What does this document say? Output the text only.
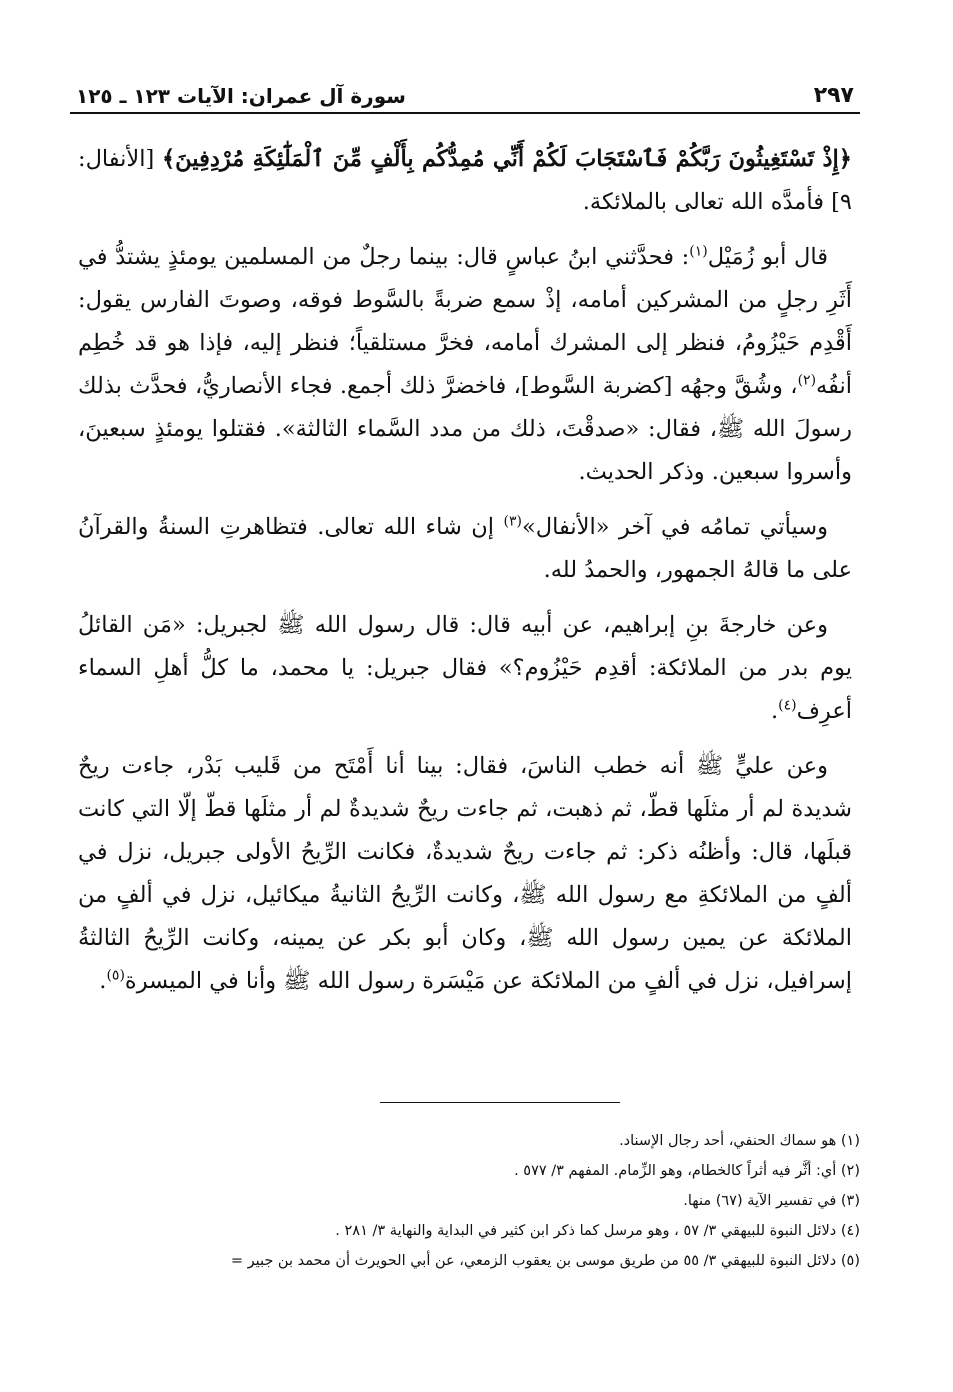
سورة آل عمران: الآيات ١٢٣ ـ ١٢٥	٢٩٧

﴿إِذْ تَسْتَغِيثُونَ رَبَّكُمْ فَٱسْتَجَابَ لَكُمْ أَنِّي مُمِدُّكُم بِأَلْفٍ مِّنَ ٱلْمَلَٰٓئِكَةِ مُرْدِفِينَ﴾ [الأنفال: ٩] فأمدَّه الله تعالى بالملائكة.

قال أبو زُمَيْل$^{(١)}$: فحدَّثني ابنُ عباسٍ قال: بينما رجلٌ من المسلمين يومئذٍ يشتدُّ في أَثَرِ رجلٍ من المشركين أمامه، إذْ سمع ضربةً بالسَّوط فوقه، وصوتَ الفارس يقول: أَقْدِم حَيْزُومُ، فنظر إلى المشرك أمامه، فخرَّ مستلقياً؛ فنظر إليه، فإذا هو قد خُطِم أنفُه$^{(٢)}$، وشُقَّ وجهُه [كضربة السَّوط]، فاخضرَّ ذلك أجمع. فجاء الأنصاريُّ، فحدَّث بذلك رسولَ الله ﷺ، فقال: «صدقْتَ، ذلك من مدد السَّماء الثالثة». فقتلوا يومئذٍ سبعينَ، وأسروا سبعين. وذكر الحديث.

وسيأتي تمامُه في آخر «الأنفال»$^{(٣)}$ إن شاء الله تعالى. فتظاهرتِ السنةُ والقرآنُ على ما قالهُ الجمهور، والحمدُ لله.

وعن خارجةَ بنِ إبراهيم، عن أبيه قال: قال رسول الله ﷺ لجبريل: «مَن القائلُ يوم بدر من الملائكة: أقدِم حَيْزُوم؟» فقال جبريل: يا محمد، ما كلُّ أهلِ السماء أعرِف$^{(٤)}$.

وعن عليٍّ ﷺ أنه خطب الناسَ، فقال: بينا أنا أَمْتَح من قَليب بَدْر، جاءت ريحٌ شديدة لم أر مثلَها قطّ، ثم ذهبت، ثم جاءت ريحٌ شديدةٌ لم أر مثلَها قطّ إلّا التي كانت قبلَها، قال: وأظنُه ذكر: ثم جاءت ريحٌ شديدةٌ، فكانت الرِّيحُ الأولى جبريل، نزل في ألفٍ من الملائكةِ مع رسول الله ﷺ، وكانت الرِّيحُ الثانيةُ ميكائيل، نزل في ألفٍ من الملائكة عن يمين رسول الله ﷺ، وكان أبو بكر عن يمينه، وكانت الرِّيحُ الثالثةُ إسرافيل، نزل في ألفٍ من الملائكة عن مَيْسَرة رسول الله ﷺ وأنا في الميسرة$^{(٥)}$.

(١) هو سماك الحنفي، أحد رجال الإسناد.
(٢) أي: أثَّر فيه أثراً كالخطام، وهو الزِّمام. المفهم ٣/ ٥٧٧ .
(٣) في تفسير الآية (٦٧) منها.
(٤) دلائل النبوة للبيهقي ٣/ ٥٧ ، وهو مرسل كما ذكر ابن كثير في البداية والنهاية ٣/ ٢٨١ .
(٥) دلائل النبوة للبيهقي ٣/ ٥٥ من طريق موسى بن يعقوب الزمعي، عن أبي الحويرث أن محمد بن جبير =
